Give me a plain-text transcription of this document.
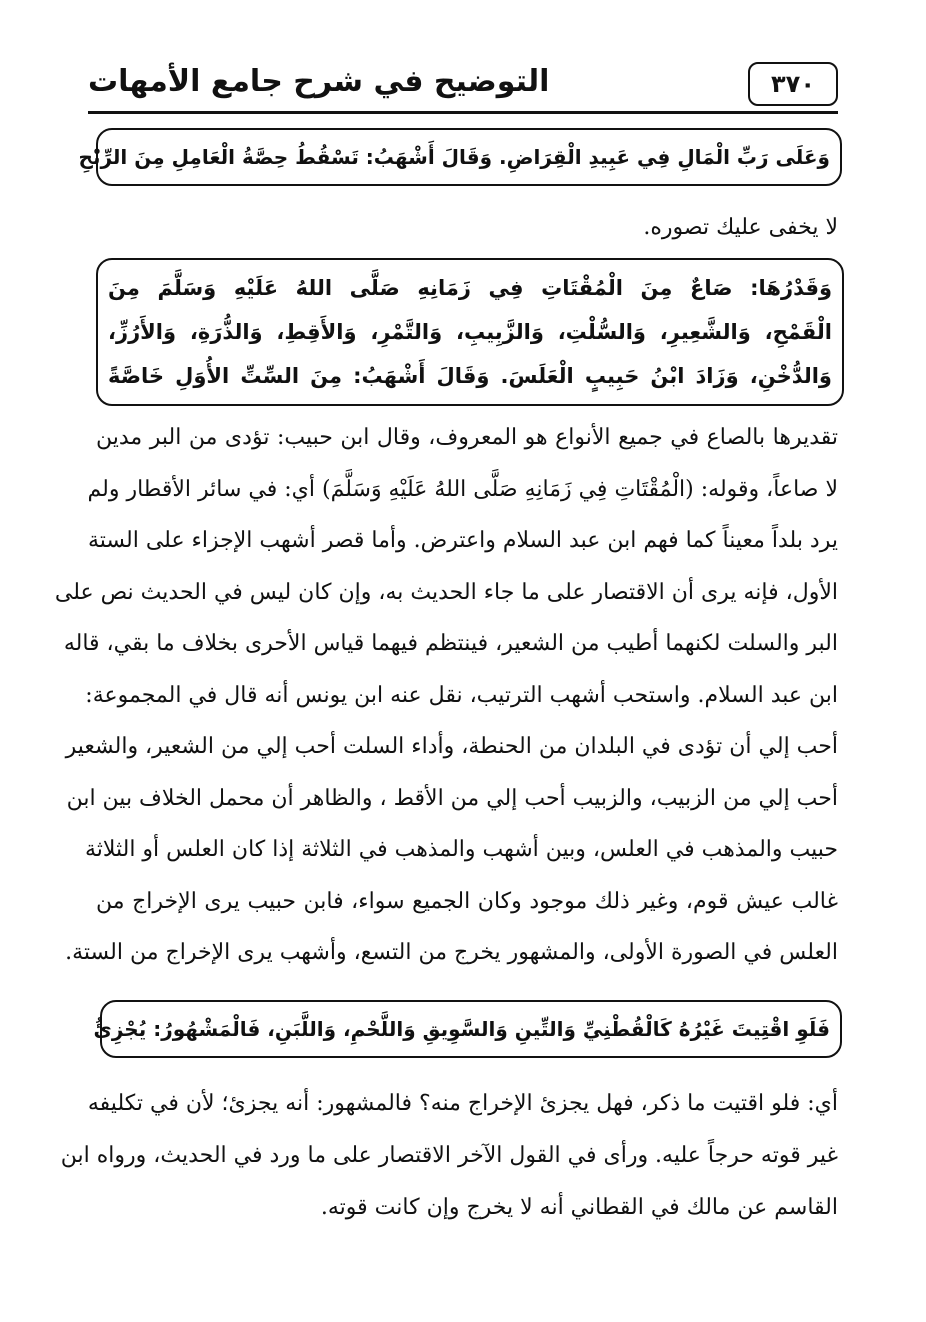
٣٧٠
التوضيح في شرح جامع الأمهات

وَعَلَى رَبِّ الْمَالِ فِي عَبِيدِ الْقِرَاضِ. وَقَالَ أَشْهَبُ: تَسْقُطُ حِصَّةُ الْعَامِلِ مِنَ الرِّبْحِ

لا يخفى عليك تصوره.

وَقَدْرُهَا: صَاعٌ مِنَ الْمُقْتَاتِ فِي زَمَانِهِ صَلَّى اللهُ عَلَيْهِ وَسَلَّمَ مِنَ
الْقَمْحِ، وَالشَّعِيرِ، وَالسُّلْتِ، وَالزَّبِيبِ، وَالتَّمْرِ، وَالأَقِطِ، وَالذُّرَةِ، وَالأَرُزِّ،
وَالدُّخْنِ، وَزَادَ ابْنُ حَبِيبٍ الْعَلَسَ. وَقَالَ أَشْهَبُ: مِنَ السِّتِّ الأُوَلِ خَاصَّةً
تقديرها بالصاع في جميع الأنواع هو المعروف، وقال ابن حبيب: تؤدى من البر مدين
لا صاعاً، وقوله: (الْمُقْتَاتِ فِي زَمَانِهِ صَلَّى اللهُ عَلَيْهِ وَسَلَّمَ) أي: في سائر الأقطار ولم
يرد بلداً معيناً كما فهم ابن عبد السلام واعترض. وأما قصر أشهب الإجزاء على الستة
الأول، فإنه يرى أن الاقتصار على ما جاء الحديث به، وإن كان ليس في الحديث نص على
البر والسلت لكنهما أطيب من الشعير، فينتظم فيهما قياس الأحرى بخلاف ما بقي، قاله
ابن عبد السلام. واستحب أشهب الترتيب، نقل عنه ابن يونس أنه قال في المجموعة:
أحب إلي أن تؤدى في البلدان من الحنطة، وأداء السلت أحب إلي من الشعير، والشعير
أحب إلي من الزبيب، والزبيب أحب إلي من الأقط ، والظاهر أن محمل الخلاف بين ابن
حبيب والمذهب في العلس، وبين أشهب والمذهب في الثلاثة إذا كان العلس أو الثلاثة
غالب عيش قوم، وغير ذلك موجود وكان الجميع سواء، فابن حبيب يرى الإخراج من
العلس في الصورة الأولى، والمشهور يخرج من التسع، وأشهب يرى الإخراج من الستة.

فَلَوِ اقْتِيتَ غَيْرُهُ كَالْقُطْنِيِّ وَالتِّينِ وَالسَّوِيقِ وَاللَّحْمِ، وَاللَّبَنِ، فَالْمَشْهُورُ: يُجْزِئُ

أي: فلو اقتيت ما ذكر، فهل يجزئ الإخراج منه؟ فالمشهور: أنه يجزئ؛ لأن في تكليفه
غير قوته حرجاً عليه. ورأى في القول الآخر الاقتصار على ما ورد في الحديث، ورواه ابن
القاسم عن مالك في القطاني أنه لا يخرج وإن كانت قوته.
